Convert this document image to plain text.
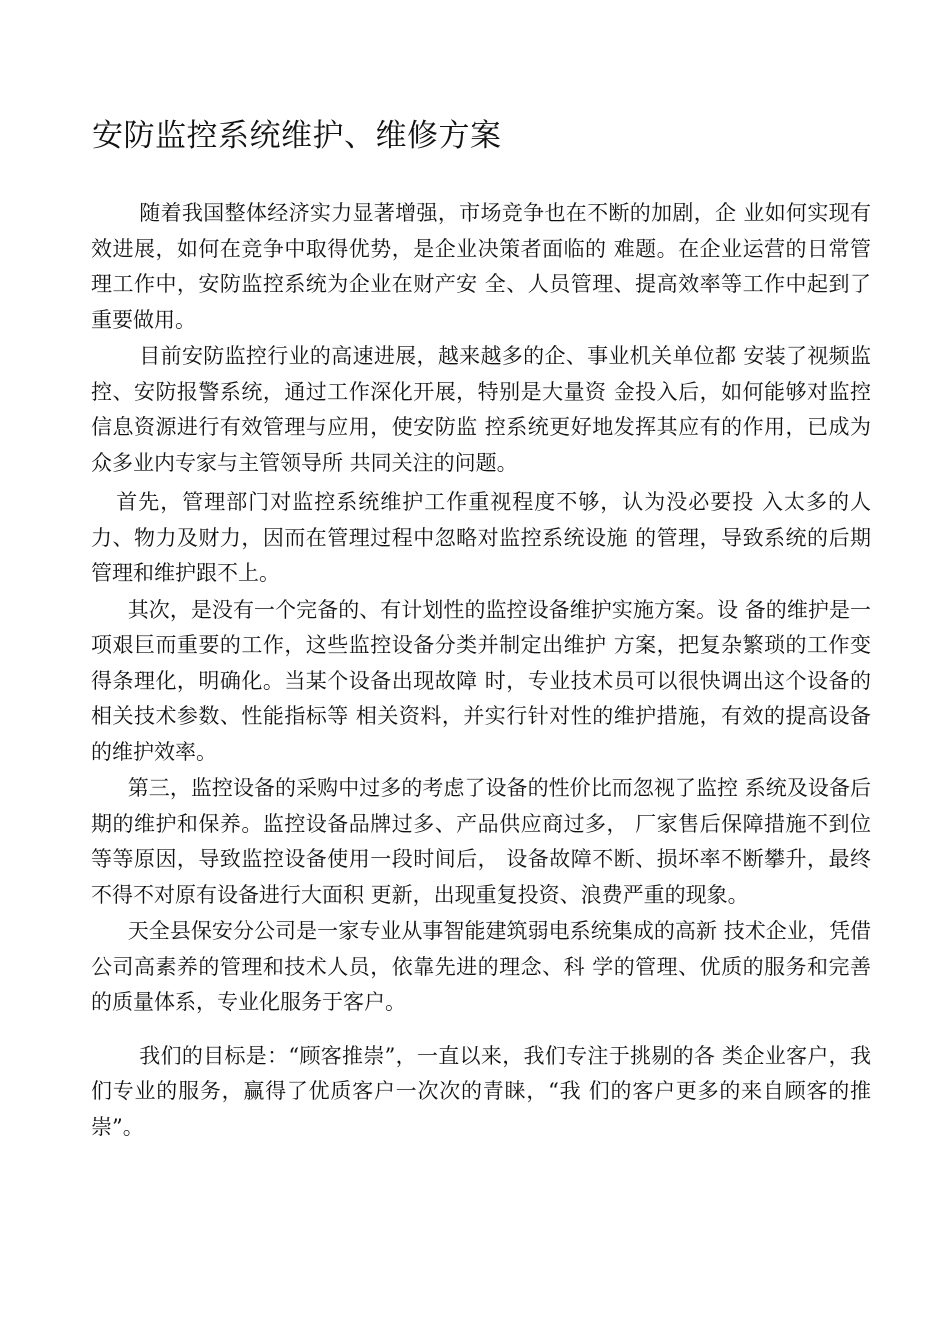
安防监控系统维护、维修方案

随着我国整体经济实力显著增强，市场竞争也在不断的加剧，企 业如何实现有效进展，如何在竞争中取得优势，是企业决策者面临的 难题。在企业运营的日常管理工作中，安防监控系统为企业在财产安 全、人员管理、提高效率等工作中起到了重要做用。

目前安防监控行业的高速进展，越来越多的企、事业机关单位都 安装了视频监控、安防报警系统，通过工作深化开展，特别是大量资 金投入后，如何能够对监控信息资源进行有效管理与应用，使安防监 控系统更好地发挥其应有的作用，已成为众多业内专家与主管领导所 共同关注的问题。

首先，管理部门对监控系统维护工作重视程度不够，认为没必要投 入太多的人力、物力及财力，因而在管理过程中忽略对监控系统设施 的管理，导致系统的后期管理和维护跟不上。

其次，是没有一个完备的、有计划性的监控设备维护实施方案。设 备的维护是一项艰巨而重要的工作，这些监控设备分类并制定出维护 方案，把复杂繁琐的工作变得条理化，明确化。当某个设备出现故障 时，专业技术员可以很快调出这个设备的相关技术参数、性能指标等 相关资料，并实行针对性的维护措施，有效的提高设备的维护效率。

第三，监控设备的采购中过多的考虑了设备的性价比而忽视了监控 系统及设备后期的维护和保养。监控设备品牌过多、产品供应商过多， 厂家售后保障措施不到位等等原因，导致监控设备使用一段时间后， 设备故障不断、损坏率不断攀升，最终不得不对原有设备进行大面积 更新，出现重复投资、浪费严重的现象。

天全县保安分公司是一家专业从事智能建筑弱电系统集成的高新 技术企业，凭借公司高素养的管理和技术人员，依靠先进的理念、科 学的管理、优质的服务和完善的质量体系，专业化服务于客户。

我们的目标是：“顾客推崇”，一直以来，我们专注于挑剔的各 类企业客户，我们专业的服务，赢得了优质客户一次次的青睐，“我 们的客户更多的来自顾客的推崇”。
